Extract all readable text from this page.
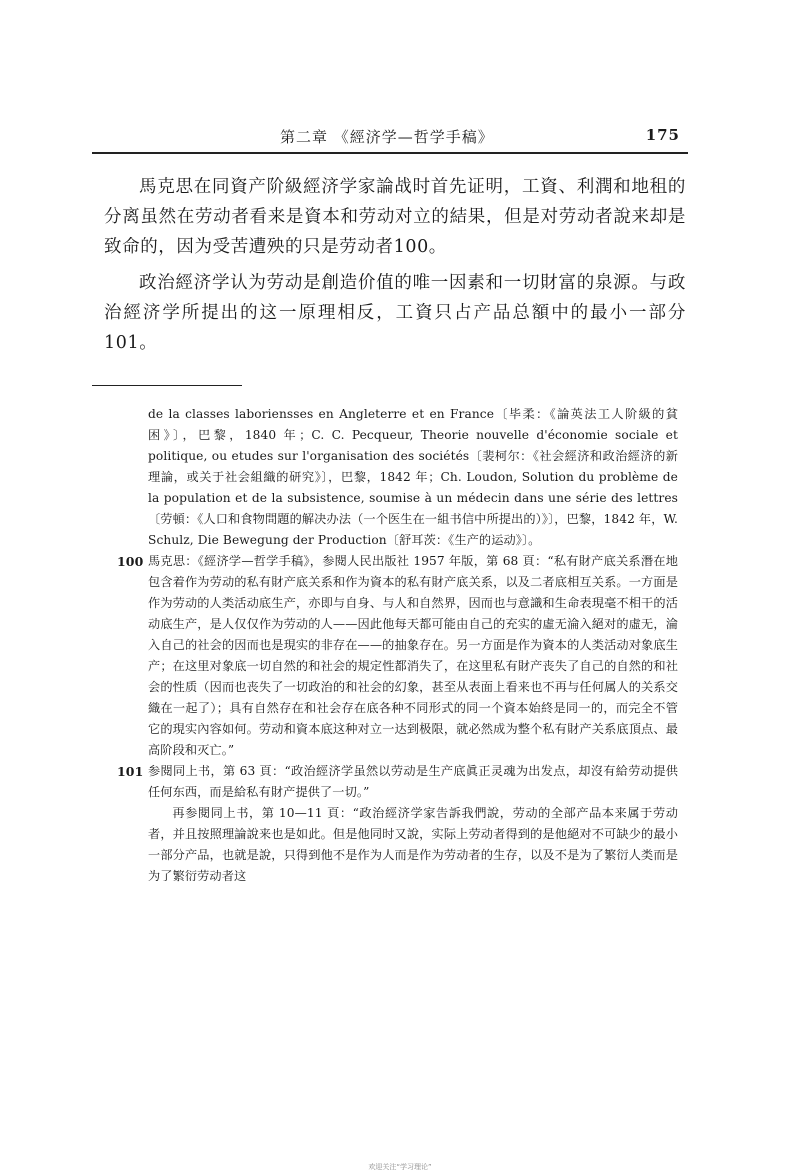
第二章 《經济学—哲学手稿》	175

馬克思在同資产阶級經济学家論战时首先证明，工資、利潤和地租的分离虽然在劳动者看来是資本和劳动对立的結果，但是对劳动者說来却是致命的，因为受苦遭殃的只是劳动者100。

政治經济学认为劳动是創造价值的唯一因素和一切財富的泉源。与政治經济学所提出的这一原理相反，工資只占产品总額中的最小一部分101。

de la classes laboriensses en Angleterre et en France〔毕柔：《論英法工人阶級的貧困》〕，巴黎，1840 年；C. C. Pecqueur, Theorie nouvelle d'économie sociale et politique, ou etudes sur l'organisation des sociétés〔裴柯尔：《社会經济和政治經济的新理論，或关于社会組織的研究》〕，巴黎，1842 年；Ch. Loudon, Solution du problème de la population et de la subsistence, soumise à un médecin dans une série des lettres〔劳頓：《人口和食物問題的解决办法（一个医生在一組书信中所提出的）》〕，巴黎，1842 年，W. Schulz, Die Bewegung der Production〔舒耳茨：《生产的运动》〕。

100 馬克思：《經济学—哲学手稿》，参閱人民出版社 1957 年版，第 68 頁：“私有財产底关系潛在地包含着作为劳动的私有財产底关系和作为資本的私有財产底关系，以及二者底相互关系。一方面是作为劳动的人类活动底生产，亦即与自身、与人和自然界，因而也与意識和生命表現毫不相干的活动底生产，是人仅仅作为劳动的人——因此他每天都可能由自己的充实的虛无淪入絕对的虛无，淪入自己的社会的因而也是現实的非存在——的抽象存在。另一方面是作为資本的人类活动对象底生产；在这里对象底一切自然的和社会的規定性都消失了，在这里私有財产丧失了自己的自然的和社会的性质（因而也丧失了一切政治的和社会的幻象，甚至从表面上看来也不再与任何属人的关系交織在一起了）；具有自然存在和社会存在底各种不同形式的同一个資本始終是同一的，而完全不管它的現实內容如何。劳动和資本底这种对立一达到极限，就必然成为整个私有財产关系底頂点、最高阶段和灭亡。”

101 参閱同上书，第 63 頁：“政治經济学虽然以劳动是生产底眞正灵魂为出发点，却沒有給劳动提供任何东西，而是給私有財产提供了一切。”

再参閱同上书，第 10—11 頁：“政治經济学家告訴我們說，劳动的全部产品本来属于劳动者，并且按照理論說来也是如此。但是他同时又說，实际上劳动者得到的是他絕对不可缺少的最小一部分产品，也就是說，只得到他不是作为人而是作为劳动者的生存，以及不是为了繁衍人类而是为了繁衍劳动者这

欢迎关注“学习理论”
